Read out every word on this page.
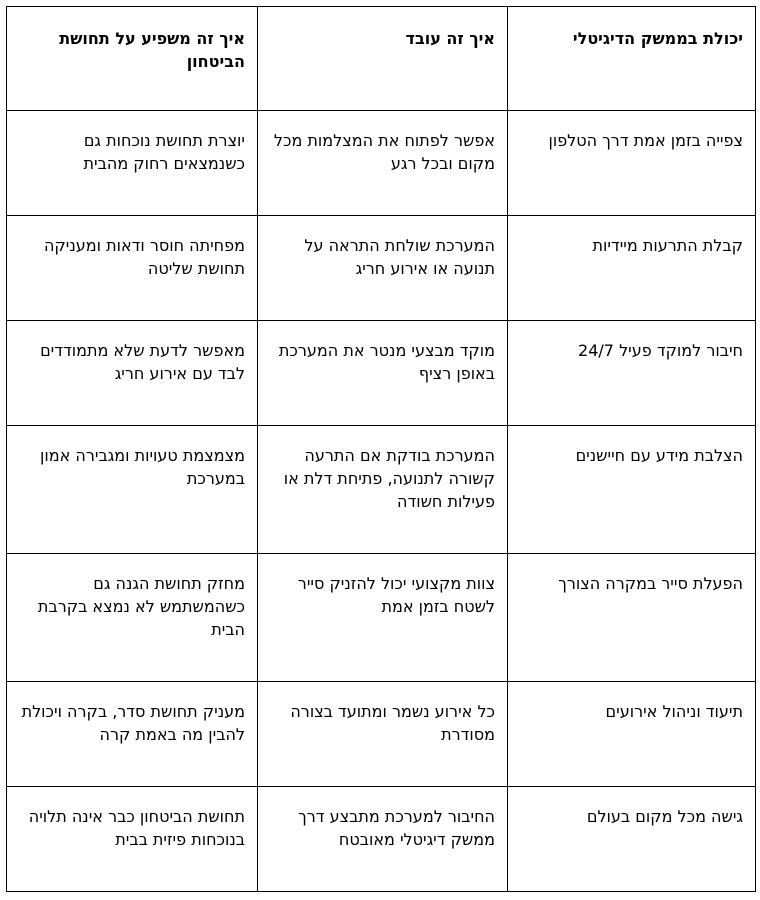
יכולת בממשק הדיגיטלי	איך זה עובד	איך זה משפיע על תחושת הביטחון
צפייה בזמן אמת דרך הטלפון	אפשר לפתוח את המצלמות מכל מקום ובכל רגע	יוצרת תחושת נוכחות גם כשנמצאים רחוק מהבית
קבלת התרעות מיידיות	המערכת שולחת התראה על תנועה או אירוע חריג	מפחיתה חוסר ודאות ומעניקה תחושת שליטה
חיבור למוקד פעיל 24/7	מוקד מבצעי מנטר את המערכת באופן רציף	מאפשר לדעת שלא מתמודדים לבד עם אירוע חריג
הצלבת מידע עם חיישנים	המערכת בודקת אם התרעה קשורה לתנועה, פתיחת דלת או פעילות חשודה	מצמצמת טעויות ומגבירה אמון במערכת
הפעלת סייר במקרה הצורך	צוות מקצועי יכול להזניק סייר לשטח בזמן אמת	מחזק תחושת הגנה גם כשהמשתמש לא נמצא בקרבת הבית
תיעוד וניהול אירועים	כל אירוע נשמר ומתועד בצורה מסודרת	מעניק תחושת סדר, בקרה ויכולת להבין מה באמת קרה
גישה מכל מקום בעולם	החיבור למערכת מתבצע דרך ממשק דיגיטלי מאובטח	תחושת הביטחון כבר אינה תלויה בנוכחות פיזית בבית
